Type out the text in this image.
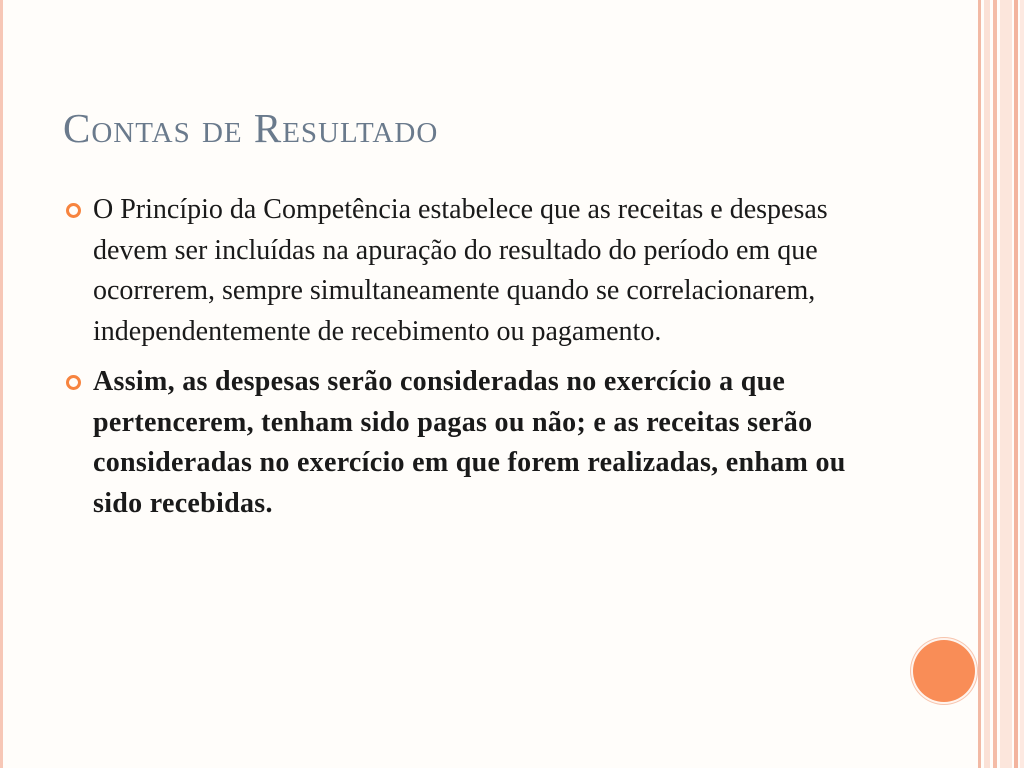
Contas de Resultado
O Princípio da Competência estabelece que as receitas e despesas devem ser incluídas na apuração do resultado do período em que ocorrerem, sempre simultaneamente quando se correlacionarem, independentemente de recebimento ou pagamento.
Assim, as despesas serão consideradas no exercício a que pertencerem, tenham sido pagas ou não; e as receitas serão consideradas no exercício em que forem realizadas, enham ou sido recebidas.
